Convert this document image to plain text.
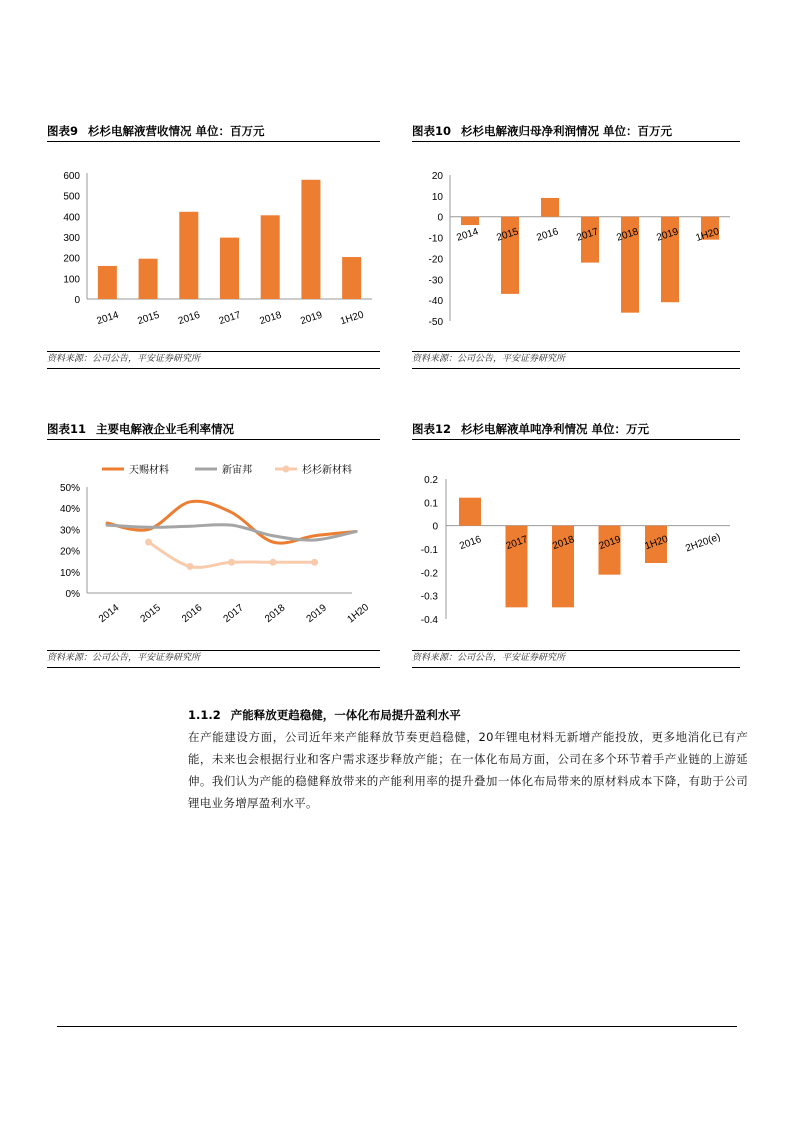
图表9 杉杉电解液营收情况 单位：百万元
0
100
200
300
400
500
600
2014 2015 2016 2017 2018 2019 1H20
资料来源：公司公告，平安证券研究所
图表10 杉杉电解液归母净利润情况 单位：百万元
20
10
0
-10
-20
-30
-40
-50
2014 2015 2016 2017 2018 2019 1H20
资料来源：公司公告，平安证券研究所
图表11 主要电解液企业毛利率情况
0%
10%
20%
30%
40%
50%
2014 2015 2016 2017 2018 2019 1H20
天赐材料	新宙邦	杉杉新材料
资料来源：公司公告，平安证券研究所
图表12 杉杉电解液单吨净利情况 单位：万元
0.2
0.1
0
-0.1
-0.2
-0.3
-0.4
2016 2017 2018 2019 1H20 2H20(e)
资料来源：公司公告，平安证券研究所
1.1.2 产能释放更趋稳健，一体化布局提升盈利水平

在产能建设方面，公司近年来产能释放节奏更趋稳健，20年锂电材料无新增产能投放，更多地消化已有产能，未来也会根据行业和客户需求逐步释放产能；在一体化布局方面，公司在多个环节着手产业链的上游延伸。我们认为产能的稳健释放带来的产能利用率的提升叠加一体化布局带来的原材料成本下降，有助于公司锂电业务增厚盈利水平。
